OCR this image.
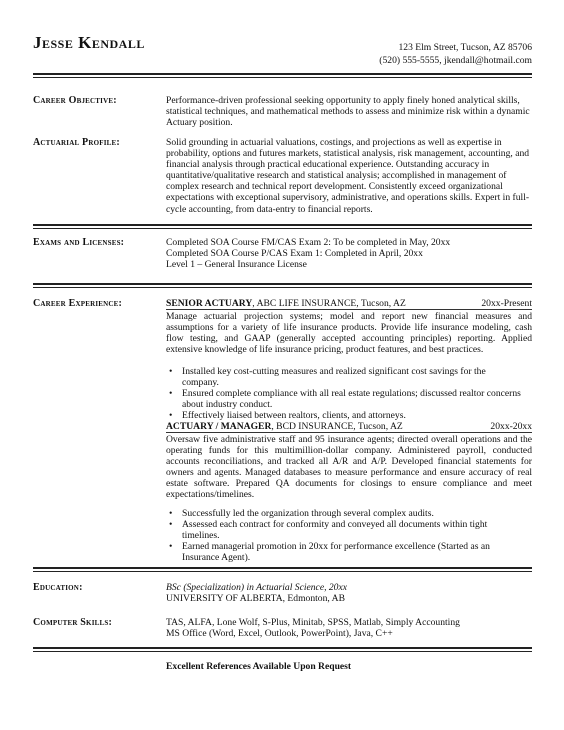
Jesse Kendall	123 Elm Street, Tucson, AZ 85706
(520) 555-5555, jkendall@hotmail.com
Career Objective:	Performance-driven professional seeking opportunity to apply finely honed analytical skills, statistical techniques, and mathematical methods to assess and minimize risk within a dynamic Actuary position.
Actuarial Profile:	Solid grounding in actuarial valuations, costings, and projections as well as expertise in probability, options and futures markets, statistical analysis, risk management, accounting, and financial analysis through practical educational experience. Outstanding accuracy in quantitative/qualitative research and statistical analysis; accomplished in management of complex research and technical report development. Consistently exceed organizational expectations with exceptional supervisory, administrative, and operations skills. Expert in full-cycle accounting, from data-entry to financial reports.
Exams and Licenses:	Completed SOA Course FM/CAS Exam 2: To be completed in May, 20xx
Completed SOA Course P/CAS Exam 1: Completed in April, 20xx
Level 1 – General Insurance License
Career Experience:	SENIOR ACTUARY, ABC LIFE INSURANCE, Tucson, AZ	20xx-Present
Manage actuarial projection systems; model and report new financial measures and assumptions for a variety of life insurance products. Provide life insurance modeling, cash flow testing, and GAAP (generally accepted accounting principles) reporting. Applied extensive knowledge of life insurance pricing, product features, and best practices.
• Installed key cost-cutting measures and realized significant cost savings for the company.
• Ensured complete compliance with all real estate regulations; discussed realtor concerns about industry conduct.
• Effectively liaised between realtors, clients, and attorneys.
ACTUARY / MANAGER, BCD INSURANCE, Tucson, AZ	20xx-20xx
Oversaw five administrative staff and 95 insurance agents; directed overall operations and the operating funds for this multimillion-dollar company. Administered payroll, conducted accounts reconciliations, and tracked all A/R and A/P. Developed financial statements for owners and agents. Managed databases to measure performance and ensure accuracy of real estate software. Prepared QA documents for closings to ensure compliance and meet expectations/timelines.
• Successfully led the organization through several complex audits.
• Assessed each contract for conformity and conveyed all documents within tight timelines.
• Earned managerial promotion in 20xx for performance excellence (Started as an Insurance Agent).
Education:	BSc (Specialization) in Actuarial Science, 20xx
UNIVERSITY OF ALBERTA, Edmonton, AB
Computer Skills:	TAS, ALFA, Lone Wolf, S-Plus, Minitab, SPSS, Matlab, Simply Accounting
MS Office (Word, Excel, Outlook, PowerPoint), Java, C++
Excellent References Available Upon Request
